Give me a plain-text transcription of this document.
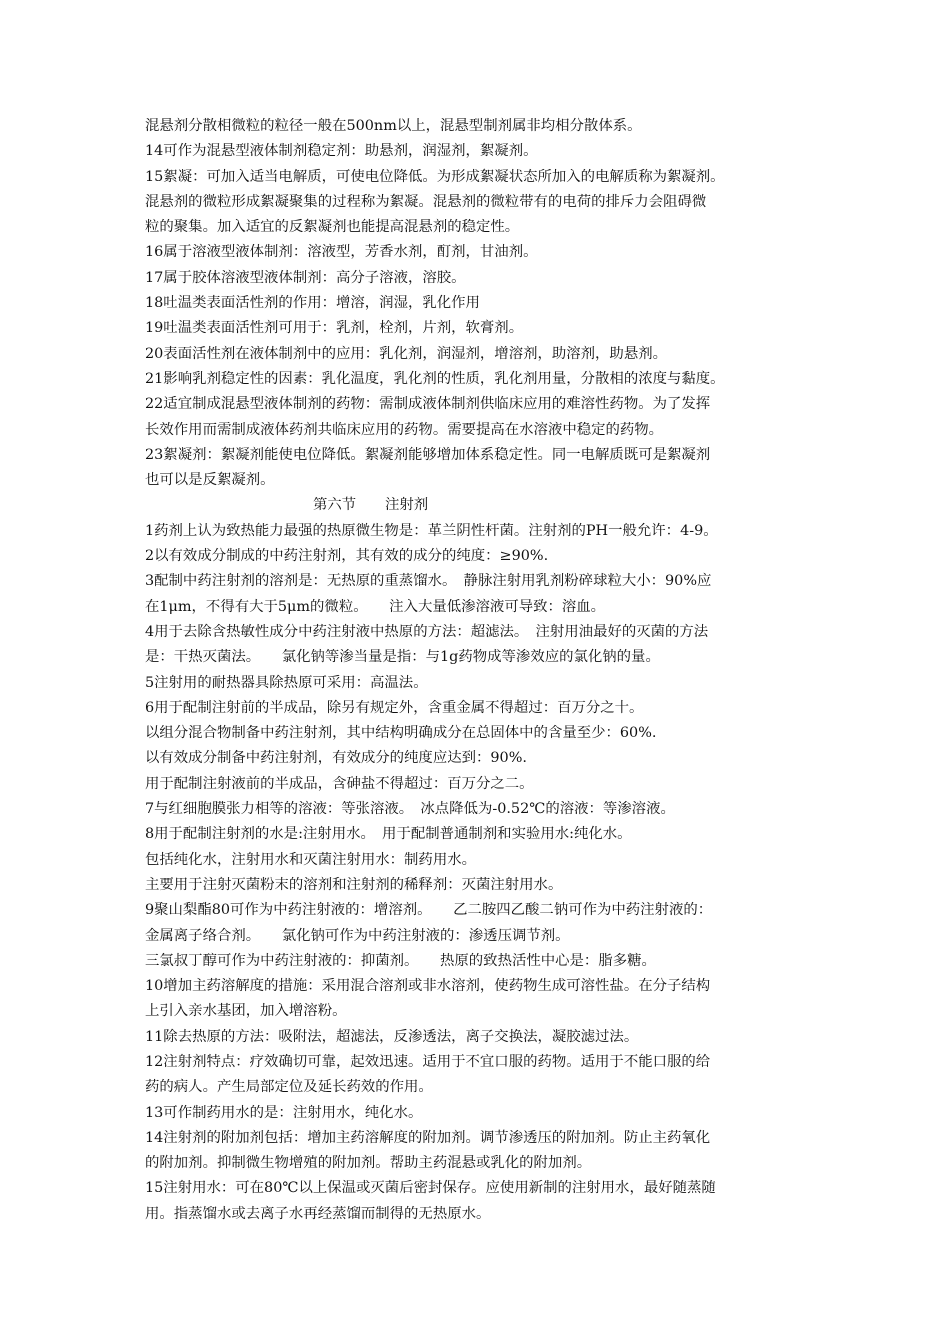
混悬剂分散相微粒的粒径一般在500nm以上，混悬型制剂属非均相分散体系。
14可作为混悬型液体制剂稳定剂：助悬剂，润湿剂，絮凝剂。
15絮凝：可加入适当电解质，可使电位降低。为形成絮凝状态所加入的电解质称为絮凝剂。
混悬剂的微粒形成絮凝聚集的过程称为絮凝。混悬剂的微粒带有的电荷的排斥力会阻碍微
粒的聚集。加入适宜的反絮凝剂也能提高混悬剂的稳定性。
16属于溶液型液体制剂：溶液型，芳香水剂，酊剂，甘油剂。
17属于胶体溶液型液体制剂：高分子溶液，溶胶。
18吐温类表面活性剂的作用：增溶，润湿，乳化作用
19吐温类表面活性剂可用于：乳剂，栓剂，片剂，软膏剂。
20表面活性剂在液体制剂中的应用：乳化剂，润湿剂，增溶剂，助溶剂，助悬剂。
21影响乳剂稳定性的因素：乳化温度，乳化剂的性质，乳化剂用量，分散相的浓度与黏度。
22适宜制成混悬型液体制剂的药物：需制成液体制剂供临床应用的难溶性药物。为了发挥
长效作用而需制成液体药剂共临床应用的药物。需要提高在水溶液中稳定的药物。
23絮凝剂：絮凝剂能使电位降低。絮凝剂能够增加体系稳定性。同一电解质既可是絮凝剂
也可以是反絮凝剂。
第六节　　注射剂
1药剂上认为致热能力最强的热原微生物是：革兰阴性杆菌。注射剂的PH一般允许：4-9。
2以有效成分制成的中药注射剂，其有效的成分的纯度：≥90%.
3配制中药注射剂的溶剂是：无热原的重蒸馏水。　静脉注射用乳剂粉碎球粒大小：90%应
在1μm，不得有大于5μm的微粒。　　注入大量低渗溶液可导致：溶血。
4用于去除含热敏性成分中药注射液中热原的方法：超滤法。　注射用油最好的灭菌的方法
是：干热灭菌法。　　氯化钠等渗当量是指：与1g药物成等渗效应的氯化钠的量。
5注射用的耐热器具除热原可采用：高温法。
6用于配制注射前的半成品，除另有规定外，含重金属不得超过：百万分之十。
以组分混合物制备中药注射剂，其中结构明确成分在总固体中的含量至少：60%.
以有效成分制备中药注射剂，有效成分的纯度应达到：90%.
用于配制注射液前的半成品，含砷盐不得超过：百万分之二。
7与红细胞膜张力相等的溶液：等张溶液。　冰点降低为-0.52℃的溶液：等渗溶液。
8用于配制注射剂的水是:注射用水。　用于配制普通制剂和实验用水:纯化水。
包括纯化水，注射用水和灭菌注射用水：制药用水。
主要用于注射灭菌粉末的溶剂和注射剂的稀释剂：灭菌注射用水。
9聚山梨酯80可作为中药注射液的：增溶剂。　　乙二胺四乙酸二钠可作为中药注射液的：
金属离子络合剂。　　氯化钠可作为中药注射液的：渗透压调节剂。
三氯叔丁醇可作为中药注射液的：抑菌剂。　　热原的致热活性中心是：脂多糖。
10增加主药溶解度的措施：采用混合溶剂或非水溶剂，使药物生成可溶性盐。在分子结构
上引入亲水基团，加入增溶粉。
11除去热原的方法：吸附法，超滤法，反渗透法，离子交换法，凝胶滤过法。
12注射剂特点：疗效确切可靠，起效迅速。适用于不宜口服的药物。适用于不能口服的给
药的病人。产生局部定位及延长药效的作用。
13可作制药用水的是：注射用水，纯化水。
14注射剂的附加剂包括：增加主药溶解度的附加剂。调节渗透压的附加剂。防止主药氧化
的附加剂。抑制微生物增殖的附加剂。帮助主药混悬或乳化的附加剂。
15注射用水：可在80℃以上保温或灭菌后密封保存。应使用新制的注射用水，最好随蒸随
用。指蒸馏水或去离子水再经蒸馏而制得的无热原水。
